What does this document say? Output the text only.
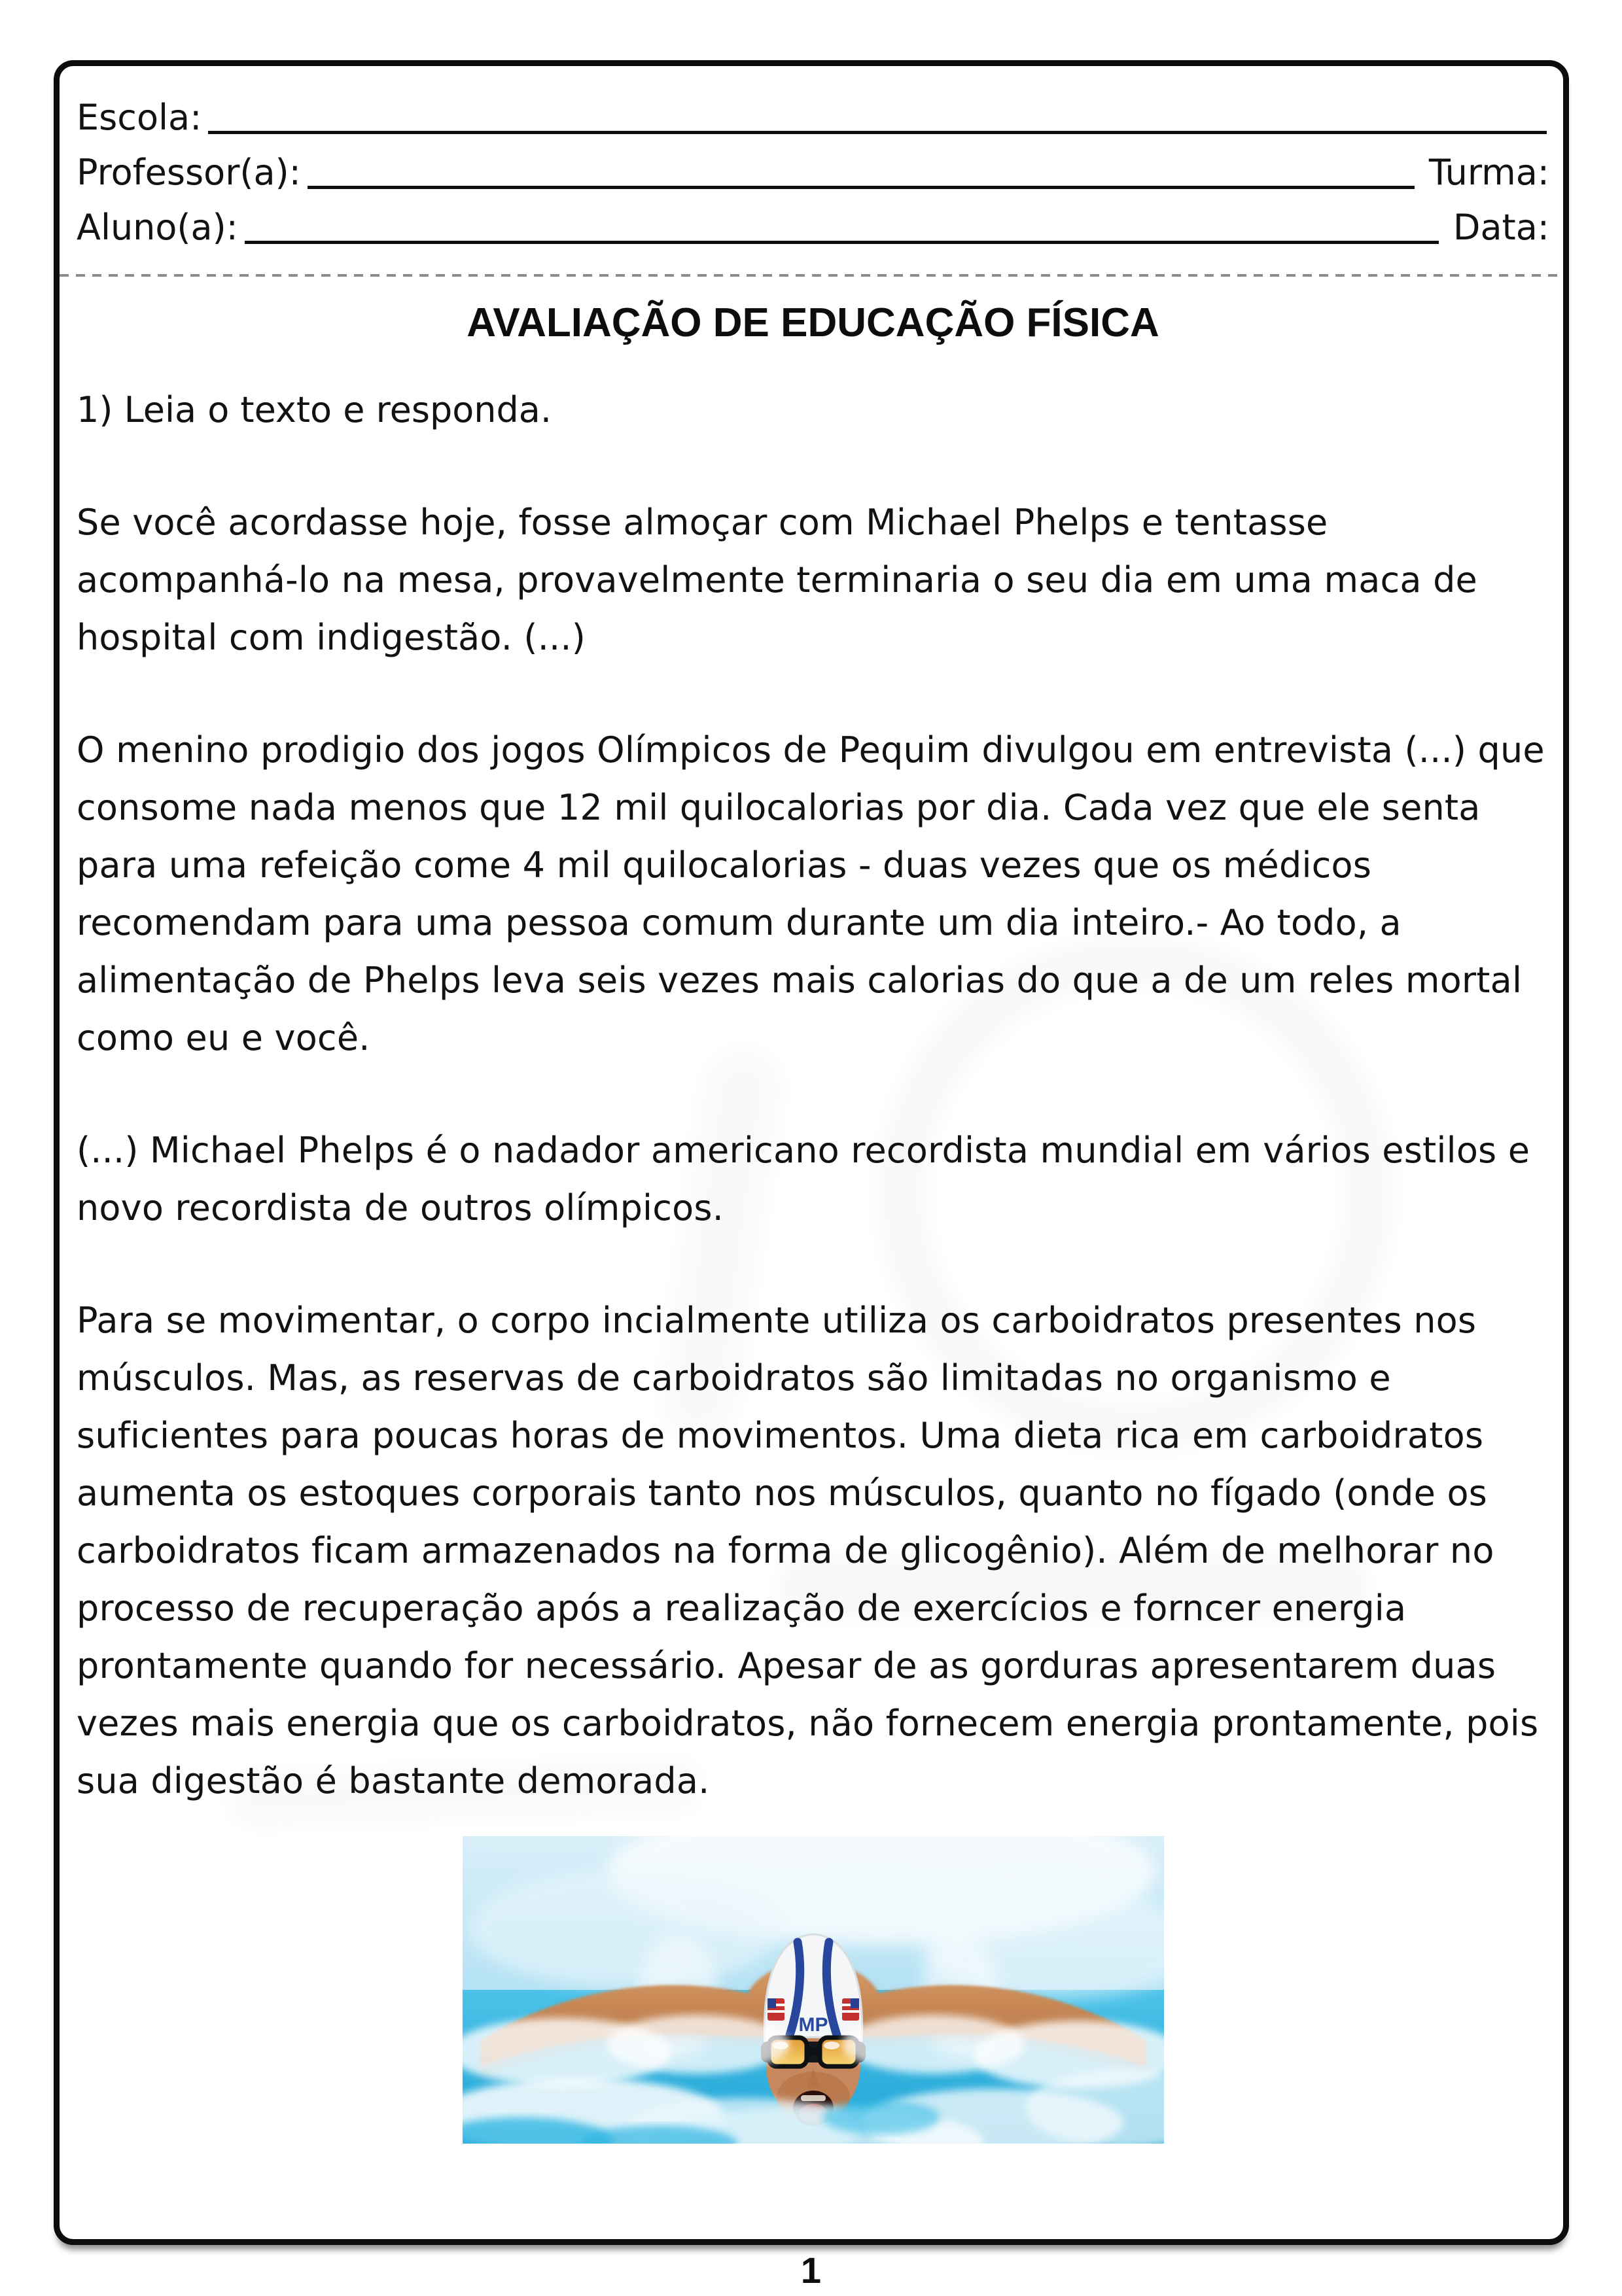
Escola:
Professor(a):	Turma:
Aluno(a):	Data:
AVALIAÇÃO DE EDUCAÇÃO FÍSICA
1) Leia o texto e responda.

Se você acordasse hoje, fosse almoçar com Michael Phelps e tentasse acompanhá-lo na mesa, provavelmente terminaria o seu dia em uma maca de hospital com indigestão. (...)

O menino prodigio dos jogos Olímpicos de Pequim divulgou em entrevista (...) que consome nada menos que 12 mil quilocalorias por dia. Cada vez que ele senta para uma refeição come 4 mil quilocalorias - duas vezes que os médicos recomendam para uma pessoa comum durante um dia inteiro.- Ao todo, a alimentação de Phelps leva seis vezes mais calorias do que a de um reles mortal como eu e você.

(...) Michael Phelps é o nadador americano recordista mundial em vários estilos e novo recordista de outros olímpicos.

Para se movimentar, o corpo incialmente utiliza os carboidratos presentes nos músculos. Mas, as reservas de carboidratos são limitadas no organismo e suficientes para poucas horas de movimentos. Uma dieta rica em carboidratos aumenta os estoques corporais tanto nos músculos, quanto no fígado (onde os carboidratos ficam armazenados na forma de glicogênio). Além de melhorar no processo de recuperação após a realização de exercícios e forncer energia prontamente quando for necessário. Apesar de as gorduras apresentarem duas vezes mais energia que os carboidratos, não fornecem energia prontamente, pois sua digestão é bastante demorada.

MP
1
